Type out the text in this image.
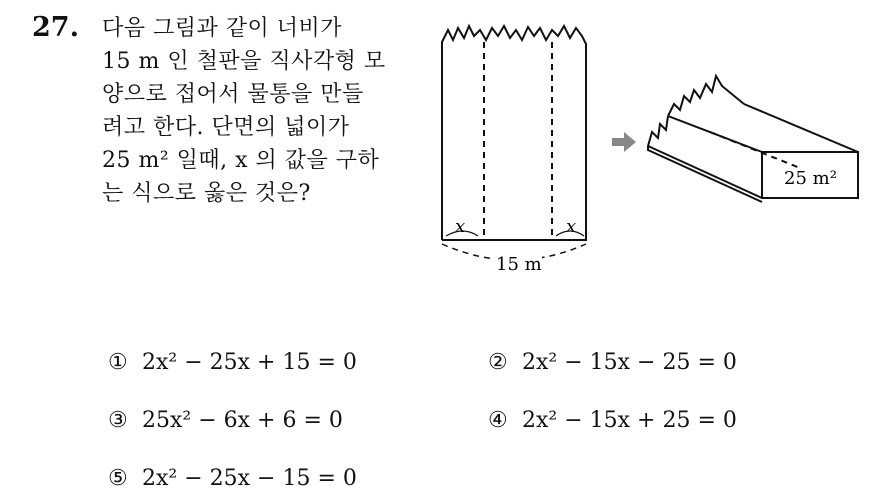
27. 다음 그림과 같이 너비가
15 m 인 철판을 직사각형 모
양으로 접어서 물통을 만들
려고 한다. 단면의 넓이가
25 m² 일때, x 의 값을 구하
는 식으로 옳은 것은?
x	x
15 m
25 m²
① 2x² − 25x + 15 = 0	② 2x² − 15x − 25 = 0
③ 25x² − 6x + 6 = 0	④ 2x² − 15x + 25 = 0
⑤ 2x² − 25x − 15 = 0
